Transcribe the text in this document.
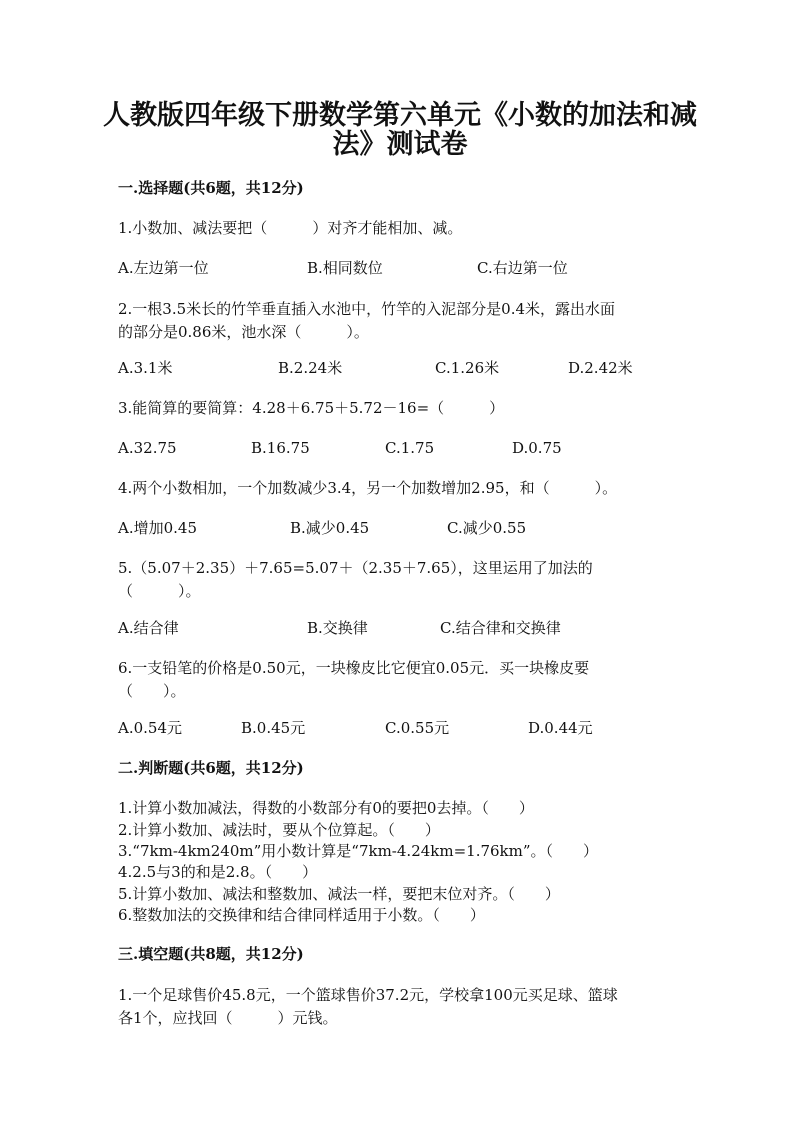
人教版四年级下册数学第六单元《小数的加法和减
法》测试卷
一.选择题(共6题，共12分)
1.小数加、减法要把（　　　）对齐才能相加、减。
A.左边第一位	B.相同数位	C.右边第一位
2.一根3.5米长的竹竿垂直插入水池中，竹竿的入泥部分是0.4米，露出水面
的部分是0.86米，池水深（　　　）。
A.3.1米	B.2.24米	C.1.26米	D.2.42米
3.能简算的要简算：4.28＋6.75＋5.72－16=（　　　）
A.32.75	B.16.75	C.1.75	D.0.75
4.两个小数相加，一个加数减少3.4，另一个加数增加2.95，和（　　　）。
A.增加0.45	B.减少0.45	C.减少0.55
5.（5.07＋2.35）＋7.65=5.07＋（2.35＋7.65），这里运用了加法的
（　　　）。
A.结合律	B.交换律	C.结合律和交换律
6.一支铅笔的价格是0.50元，一块橡皮比它便宜0.05元．买一块橡皮要
（　　）。
A.0.54元	B.0.45元	C.0.55元	D.0.44元
二.判断题(共6题，共12分)
1.计算小数加减法，得数的小数部分有0的要把0去掉。（　　）
2.计算小数加、减法时，要从个位算起。（　　）
3.“7km-4km240m”用小数计算是“7km-4.24km=1.76km”。（　　）
4.2.5与3的和是2.8。（　　）
5.计算小数加、减法和整数加、减法一样，要把末位对齐。（　　）
6.整数加法的交换律和结合律同样适用于小数。（　　）
三.填空题(共8题，共12分)
1.一个足球售价45.8元，一个篮球售价37.2元，学校拿100元买足球、篮球
各1个，应找回（　　　）元钱。
